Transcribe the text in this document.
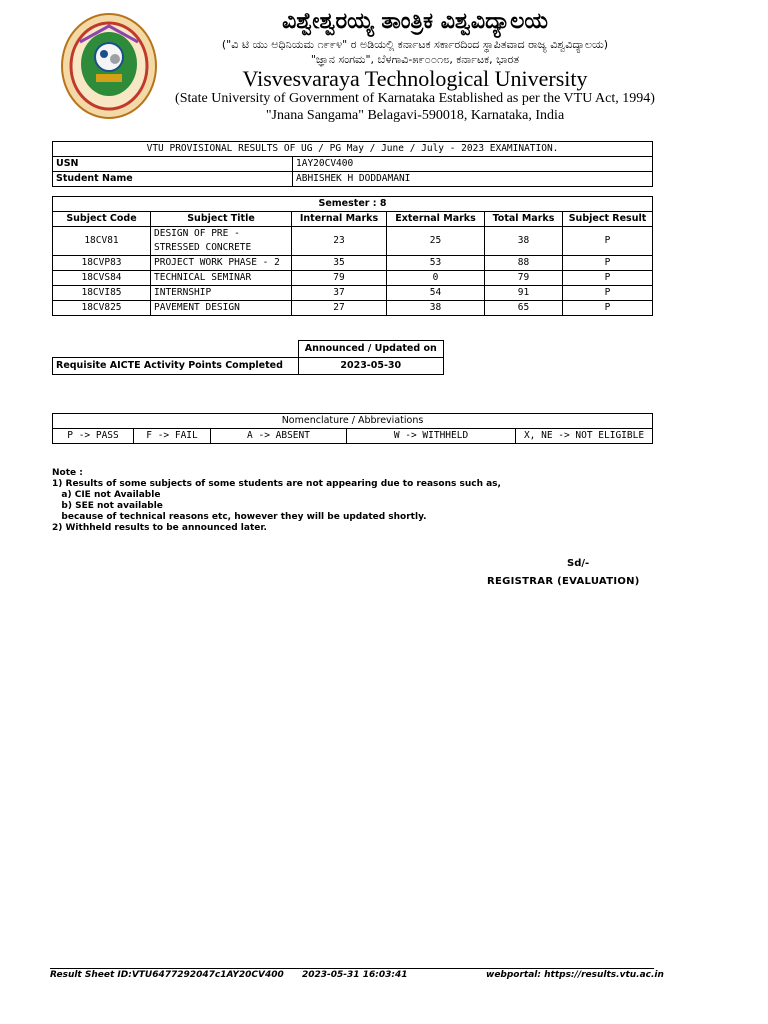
ವಿಶ್ವೇಶ್ವರಯ್ಯ ತಾಂತ್ರಿಕ ವಿಶ್ವವಿದ್ಯಾಲಯ
("ವಿ ಟಿ ಯು ಅಧಿನಿಯಮ ೧೯೯೪" ರ ಅಡಿಯಲ್ಲಿ ಕರ್ನಾಟಕ ಸರ್ಕಾರದಿಂದ ಸ್ಥಾಪಿತವಾದ ರಾಜ್ಯ ವಿಶ್ವವಿದ್ಯಾಲಯ)
"ಜ್ಞಾನ ಸಂಗಮ", ಬೆಳಗಾವಿ-೫೯೦೦೧೮, ಕರ್ನಾಟಕ, ಭಾರತ
Visvesvaraya Technological University
(State University of Government of Karnataka Established as per the VTU Act, 1994)
"Jnana Sangama" Belagavi-590018, Karnataka, India
VTU PROVISIONAL RESULTS OF UG / PG May / June / July - 2023 EXAMINATION.	
USN	1AY20CV400
Student Name	ABHISHEK H DODDAMANI
Semester : 8					
Subject Code	Subject Title	Internal Marks	External Marks	Total Marks	Subject Result
18CV81	DESIGN OF PRE - STRESSED CONCRETE	23	25	38	P
18CVP83	PROJECT WORK PHASE - 2	35	53	88	P
18CVS84	TECHNICAL SEMINAR	79	0	79	P
18CVI85	INTERNSHIP	37	54	91	P
18CV825	PAVEMENT DESIGN	27	38	65	P
	Announced / Updated on
Requisite AICTE Activity Points Completed	2023-05-30
Nomenclature / Abbreviations
P -> PASS	F -> FAIL	A -> ABSENT	W -> WITHHELD	X, NE -> NOT ELIGIBLE
Note :
1) Results of some subjects of some students are not appearing due to reasons such as,
a) CIE not Available
b) SEE not available
because of technical reasons etc, however they will be updated shortly.
2) Withheld results to be announced later.
Sd/-
REGISTRAR (EVALUATION)
Result Sheet ID:VTU6477292047c1AY20CV400 2023-05-31 16:03:41	webportal: https://results.vtu.ac.in
